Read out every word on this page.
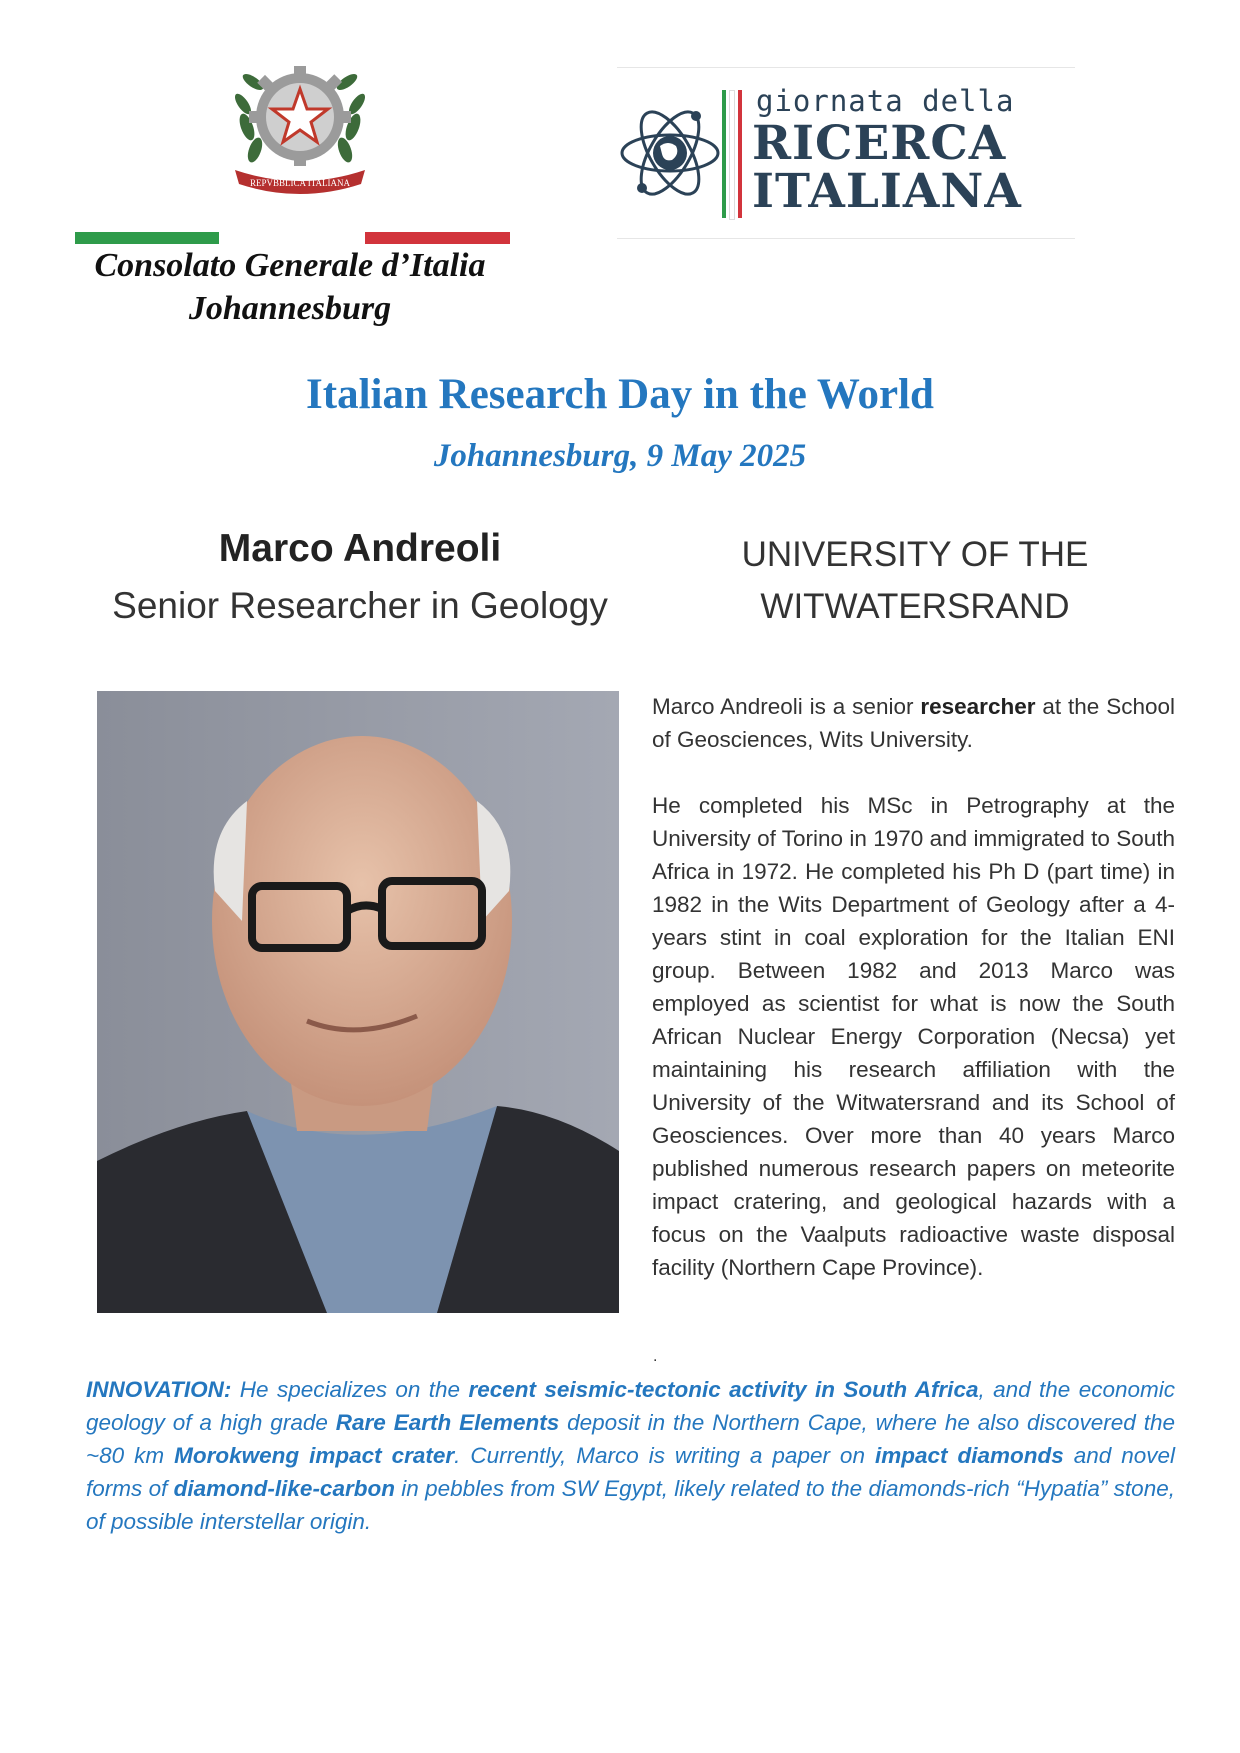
REPVBBLICA ITALIANA
Consolato Generale d’Italia
Johannesburg
giornata della
RICERCA
ITALIANA
Italian Research Day in the World
Johannesburg, 9 May 2025
Marco Andreoli
Senior Researcher in Geology
UNIVERSITY OF THE
WITWATERSRAND

Marco Andreoli is a senior researcher at the School of Geosciences, Wits University.

He completed his MSc in Petrography at the University of Torino in 1970 and immigrated to South Africa in 1972. He completed his Ph D (part time) in 1982 in the Wits Department of Geology after a 4-years stint in coal exploration for the Italian ENI group. Between 1982 and 2013 Marco was employed as scientist for what is now the South African Nuclear Energy Corporation (Necsa) yet maintaining his research affiliation with the University of the Witwatersrand and its School of Geosciences. Over more than 40 years Marco published numerous research papers on meteorite impact cratering, and geological hazards with a focus on the Vaalputs radioactive waste disposal facility (Northern Cape Province).

.
INNOVATION: He specializes on the recent seismic-tectonic activity in South Africa, and the economic geology of a high grade Rare Earth Elements deposit in the Northern Cape, where he also discovered the ~80 km Morokweng impact crater. Currently, Marco is writing a paper on impact diamonds and novel forms of diamond-like-carbon in pebbles from SW Egypt, likely related to the diamonds-rich “Hypatia” stone, of possible interstellar origin.
